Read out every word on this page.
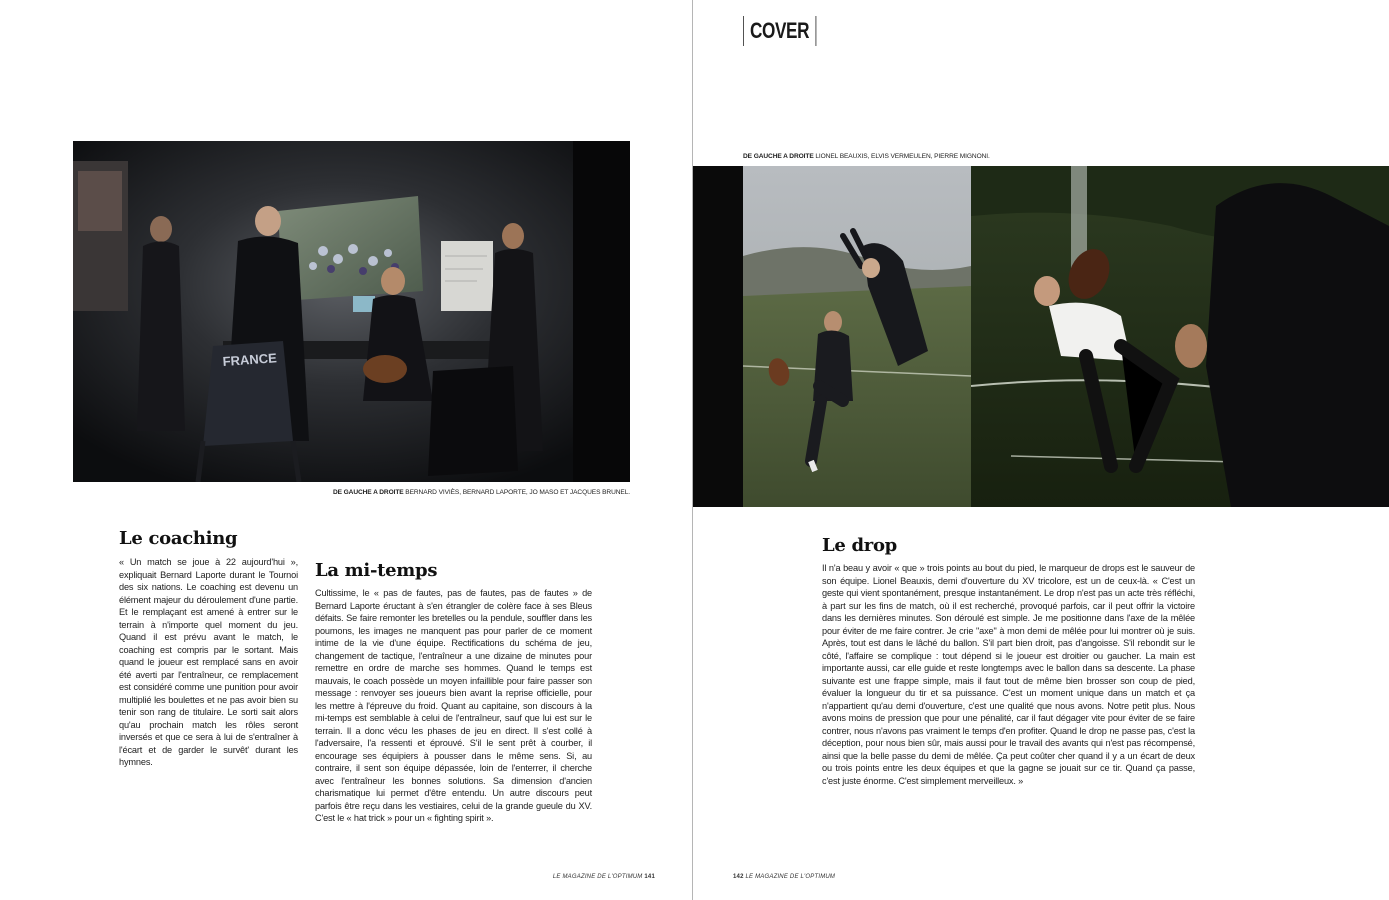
FRANCE
DE GAUCHE A DROITE BERNARD VIVIÈS, BERNARD LAPORTE, JO MASO ET JACQUES BRUNEL.
Le coaching

« Un match se joue à 22 aujourd'hui », expliquait Bernard Laporte durant le Tournoi des six nations. Le coaching est devenu un élément majeur du déroulement d'une partie. Et le remplaçant est amené à entrer sur le terrain à n'importe quel moment du jeu. Quand il est prévu avant le match, le coaching est compris par le sortant. Mais quand le joueur est remplacé sans en avoir été averti par l'entraîneur, ce remplacement est considéré comme une punition pour avoir multiplié les boulettes et ne pas avoir bien su tenir son rang de titulaire. Le sorti sait alors qu'au prochain match les rôles seront inversés et que ce sera à lui de s'entraîner à l'écart et de garder le survêt' durant les hymnes.

La mi-temps

Cultissime, le « pas de fautes, pas de fautes, pas de fautes » de Bernard Laporte éructant à s'en étrangler de colère face à ses Bleus défaits. Se faire remonter les bretelles ou la pendule, souffler dans les poumons, les images ne manquent pas pour parler de ce moment intime de la vie d'une équipe. Rectifications du schéma de jeu, changement de tactique, l'entraîneur a une dizaine de minutes pour remettre en ordre de marche ses hommes. Quand le temps est mauvais, le coach possède un moyen infaillible pour faire passer son message : renvoyer ses joueurs bien avant la reprise officielle, pour les mettre à l'épreuve du froid. Quant au capitaine, son discours à la mi-temps est semblable à celui de l'entraîneur, sauf que lui est sur le terrain. Il a donc vécu les phases de jeu en direct. Il s'est collé à l'adversaire, l'a ressenti et éprouvé. S'il le sent prêt à courber, il encourage ses équipiers à pousser dans le même sens. Si, au contraire, il sent son équipe dépassée, loin de l'enterrer, il cherche avec l'entraîneur les bonnes solutions. Sa dimension d'ancien charismatique lui permet d'être entendu. Un autre discours peut parfois être reçu dans les vestiaires, celui de la grande gueule du XV. C'est le « hat trick » pour un « fighting spirit ».

LE MAGAZINE DE L'OPTIMUM 141
COVER
DE GAUCHE A DROITE LIONEL BEAUXIS, ELVIS VERMEULEN, PIERRE MIGNONI.
Le drop

Il n'a beau y avoir « que » trois points au bout du pied, le marqueur de drops est le sauveur de son équipe. Lionel Beauxis, demi d'ouverture du XV tricolore, est un de ceux-là. « C'est un geste qui vient spontanément, presque instantanément. Le drop n'est pas un acte très réfléchi, à part sur les fins de match, où il est recherché, provoqué parfois, car il peut offrir la victoire dans les dernières minutes. Son déroulé est simple. Je me positionne dans l'axe de la mêlée pour éviter de me faire contrer. Je crie "axe" à mon demi de mêlée pour lui montrer où je suis. Après, tout est dans le lâché du ballon. S'il part bien droit, pas d'angoisse. S'il rebondit sur le côté, l'affaire se complique : tout dépend si le joueur est droitier ou gaucher. La main est importante aussi, car elle guide et reste longtemps avec le ballon dans sa descente. La phase suivante est une frappe simple, mais il faut tout de même bien brosser son coup de pied, évaluer la longueur du tir et sa puissance. C'est un moment unique dans un match et ça n'appartient qu'au demi d'ouverture, c'est une qualité que nous avons. Notre petit plus. Nous avons moins de pression que pour une pénalité, car il faut dégager vite pour éviter de se faire contrer, nous n'avons pas vraiment le temps d'en profiter. Quand le drop ne passe pas, c'est la déception, pour nous bien sûr, mais aussi pour le travail des avants qui n'est pas récompensé, ainsi que la belle passe du demi de mêlée. Ça peut coûter cher quand il y a un écart de deux ou trois points entre les deux équipes et que la gagne se jouait sur ce tir. Quand ça passe, c'est juste énorme. C'est simplement merveilleux. »

142 LE MAGAZINE DE L'OPTIMUM
